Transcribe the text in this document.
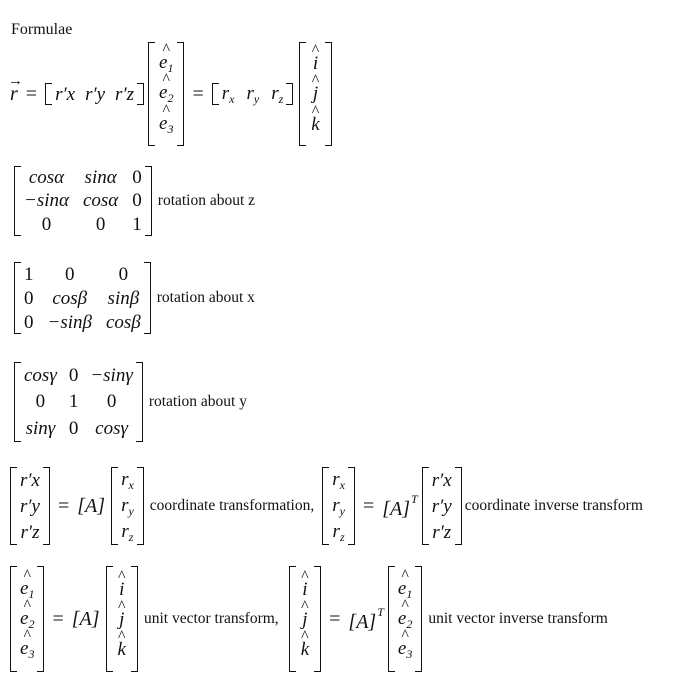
Formulae
→ r = r′x r′y r′z
^ $e_1$
^ $e_2$
^ $e_3$
= $r_x$ $r_y$ $r_z$
^ i
^ j
^ k
cosα sinα 0
−sinα cosα 0
0 0 1
rotation about z
1 0 0
0 cosβ sinβ
0 −sinβ cosβ
rotation about x
cosγ 0 −sinγ
0 1 0
sinγ 0 cosγ
rotation about y
r′x
r′y
r′z
= [A]
$r_x$
$r_y$
$r_z$
coordinate transformation,
$r_x$
$r_y$
$r_z$
= $[A]^T$
r′x
r′y
r′z
coordinate inverse transform
^ $e_1$
^ $e_2$
^ $e_3$
= [A]
^ i
^ j
^ k
unit vector transform,
^ i
^ j
^ k
= $[A]^T$
^ $e_1$
^ $e_2$
^ $e_3$
unit vector inverse transform
